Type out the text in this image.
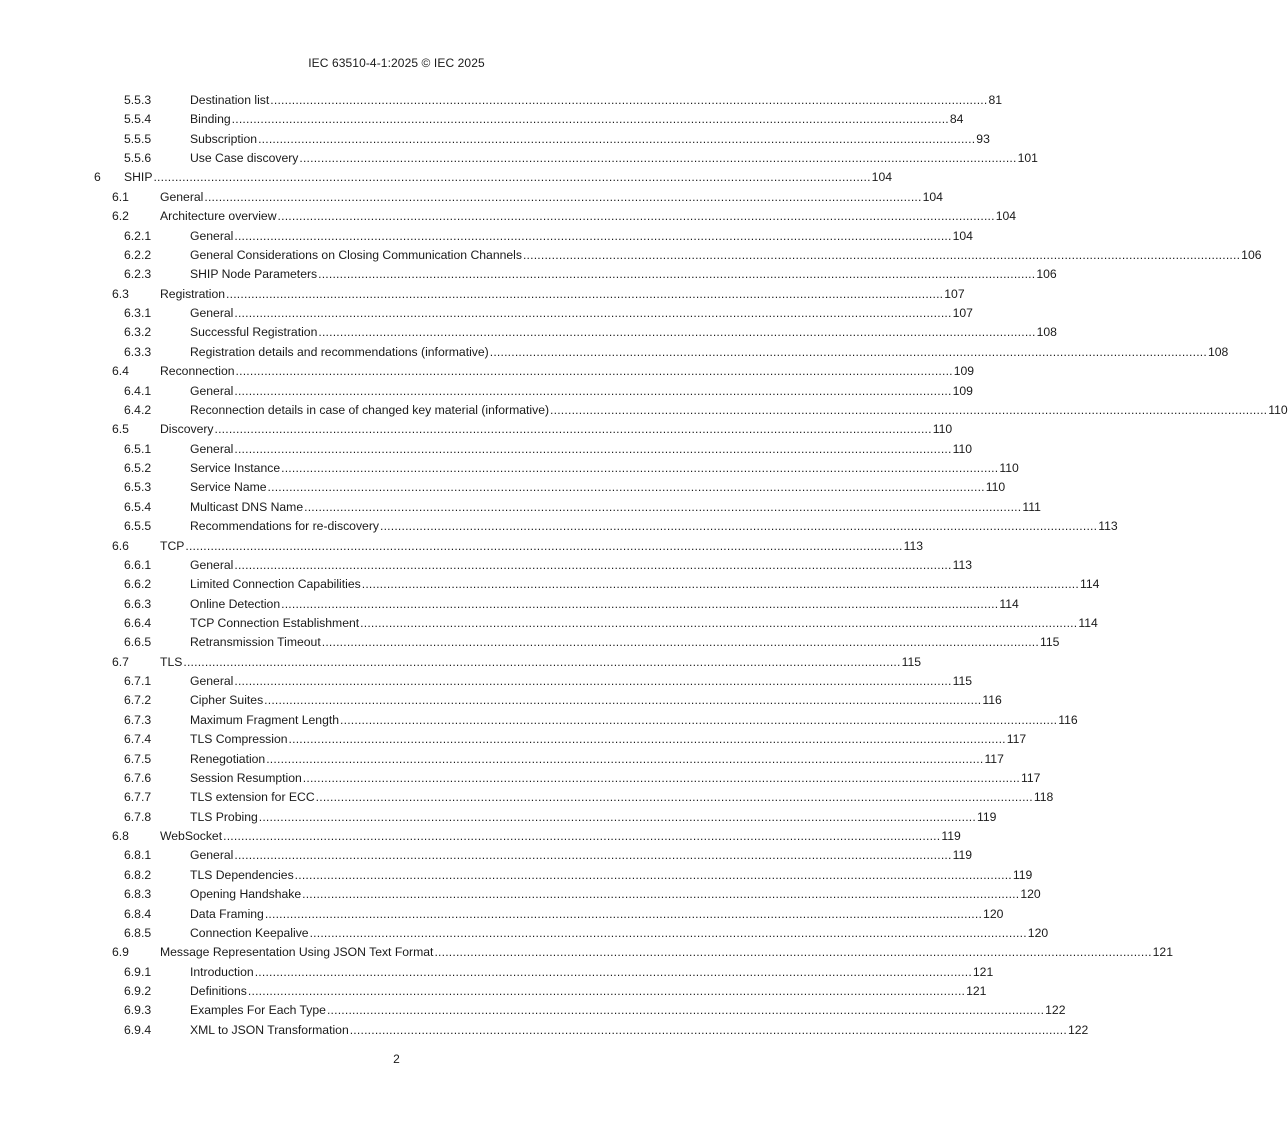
IEC 63510-4-1:2025 © IEC 2025
5.5.3	Destination list ........................................................................................................................................................................................................ 81
5.5.4	Binding ........................................................................................................................................................................................................ 84
5.5.5	Subscription ........................................................................................................................................................................................................ 93
5.5.6	Use Case discovery ........................................................................................................................................................................................................ 101
6 SHIP ........................................................................................................................................................................................................ 104
6.1	General ........................................................................................................................................................................................................ 104
6.2	Architecture overview ........................................................................................................................................................................................................ 104
6.2.1	General ........................................................................................................................................................................................................ 104
6.2.2	General Considerations on Closing Communication Channels ........................................................................................................................................................................................................ 106
6.2.3	SHIP Node Parameters ........................................................................................................................................................................................................ 106
6.3	Registration ........................................................................................................................................................................................................ 107
6.3.1	General ........................................................................................................................................................................................................ 107
6.3.2	Successful Registration ........................................................................................................................................................................................................ 108
6.3.3	Registration details and recommendations (informative) ........................................................................................................................................................................................................ 108
6.4	Reconnection ........................................................................................................................................................................................................ 109
6.4.1	General ........................................................................................................................................................................................................ 109
6.4.2	Reconnection details in case of changed key material (informative) ........................................................................................................................................................................................................ 110
6.5	Discovery ........................................................................................................................................................................................................ 110
6.5.1	General ........................................................................................................................................................................................................ 110
6.5.2	Service Instance ........................................................................................................................................................................................................ 110
6.5.3	Service Name ........................................................................................................................................................................................................ 110
6.5.4	Multicast DNS Name ........................................................................................................................................................................................................ 111
6.5.5	Recommendations for re-discovery ........................................................................................................................................................................................................ 113
6.6	TCP ........................................................................................................................................................................................................ 113
6.6.1	General ........................................................................................................................................................................................................ 113
6.6.2	Limited Connection Capabilities ........................................................................................................................................................................................................ 114
6.6.3	Online Detection ........................................................................................................................................................................................................ 114
6.6.4	TCP Connection Establishment ........................................................................................................................................................................................................ 114
6.6.5	Retransmission Timeout ........................................................................................................................................................................................................ 115
6.7	TLS ........................................................................................................................................................................................................ 115
6.7.1	General ........................................................................................................................................................................................................ 115
6.7.2	Cipher Suites ........................................................................................................................................................................................................ 116
6.7.3	Maximum Fragment Length ........................................................................................................................................................................................................ 116
6.7.4	TLS Compression ........................................................................................................................................................................................................ 117
6.7.5	Renegotiation ........................................................................................................................................................................................................ 117
6.7.6	Session Resumption ........................................................................................................................................................................................................ 117
6.7.7	TLS extension for ECC ........................................................................................................................................................................................................ 118
6.7.8	TLS Probing ........................................................................................................................................................................................................ 119
6.8	WebSocket ........................................................................................................................................................................................................ 119
6.8.1	General ........................................................................................................................................................................................................ 119
6.8.2	TLS Dependencies ........................................................................................................................................................................................................ 119
6.8.3	Opening Handshake ........................................................................................................................................................................................................ 120
6.8.4	Data Framing ........................................................................................................................................................................................................ 120
6.8.5	Connection Keepalive ........................................................................................................................................................................................................ 120
6.9	Message Representation Using JSON Text Format ........................................................................................................................................................................................................ 121
6.9.1	Introduction ........................................................................................................................................................................................................ 121
6.9.2	Definitions ........................................................................................................................................................................................................ 121
6.9.3	Examples For Each Type ........................................................................................................................................................................................................ 122
6.9.4	XML to JSON Transformation ........................................................................................................................................................................................................ 122
2
